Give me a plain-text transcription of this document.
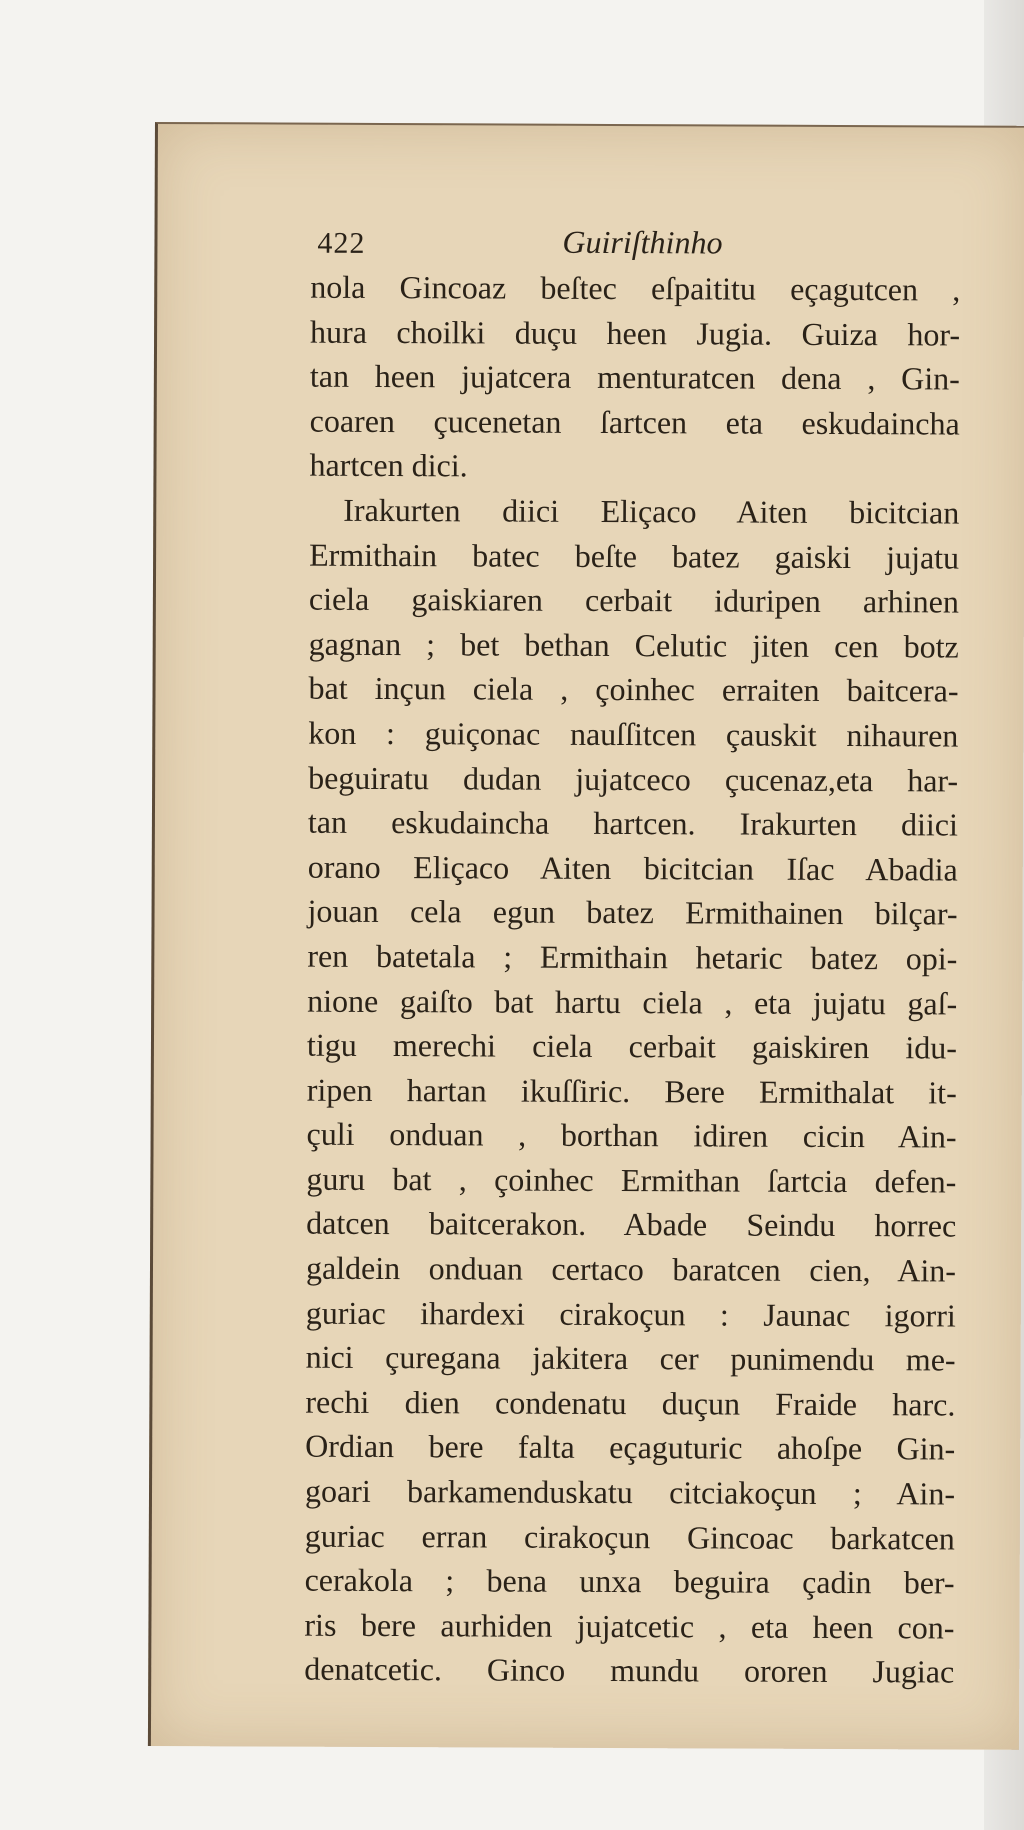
422	Guiriſthinho
nola Gincoaz beſtec eſpaititu eçagutcen ,
hura choilki duçu heen Jugia. Guiza hor-
tan heen jujatcera menturatcen dena , Gin-
coaren çucenetan ſartcen eta eskudaincha
hartcen dici.
Irakurten diici Eliçaco Aiten bicitcian
Ermithain batec beſte batez gaiski jujatu
ciela gaiskiaren cerbait iduripen arhinen
gagnan ; bet bethan Celutic jiten cen botz
bat inçun ciela , çoinhec erraiten baitcera-
kon : guiçonac nauſſitcen çauskit nihauren
beguiratu dudan jujatceco çucenaz,eta har-
tan eskudaincha hartcen. Irakurten diici
orano Eliçaco Aiten bicitcian Iſac Abadia
jouan cela egun batez Ermithainen bilçar-
ren batetala ; Ermithain hetaric batez opi-
nione gaiſto bat hartu ciela , eta jujatu gaſ-
tigu merechi ciela cerbait gaiskiren idu-
ripen hartan ikuſſiric. Bere Ermithalat it-
çuli onduan , borthan idiren cicin Ain-
guru bat , çoinhec Ermithan ſartcia defen-
datcen baitcerakon. Abade Seindu horrec
galdein onduan certaco baratcen cien, Ain-
guriac ihardexi cirakoçun : Jaunac igorri
nici çuregana jakitera cer punimendu me-
rechi dien condenatu duçun Fraide harc.
Ordian bere falta eçaguturic ahoſpe Gin-
goari barkamenduskatu citciakoçun ; Ain-
guriac erran cirakoçun Gincoac barkatcen
cerakola ; bena unxa beguira çadin ber-
ris bere aurhiden jujatcetic , eta heen con-
denatcetic. Ginco mundu ororen Jugiac
